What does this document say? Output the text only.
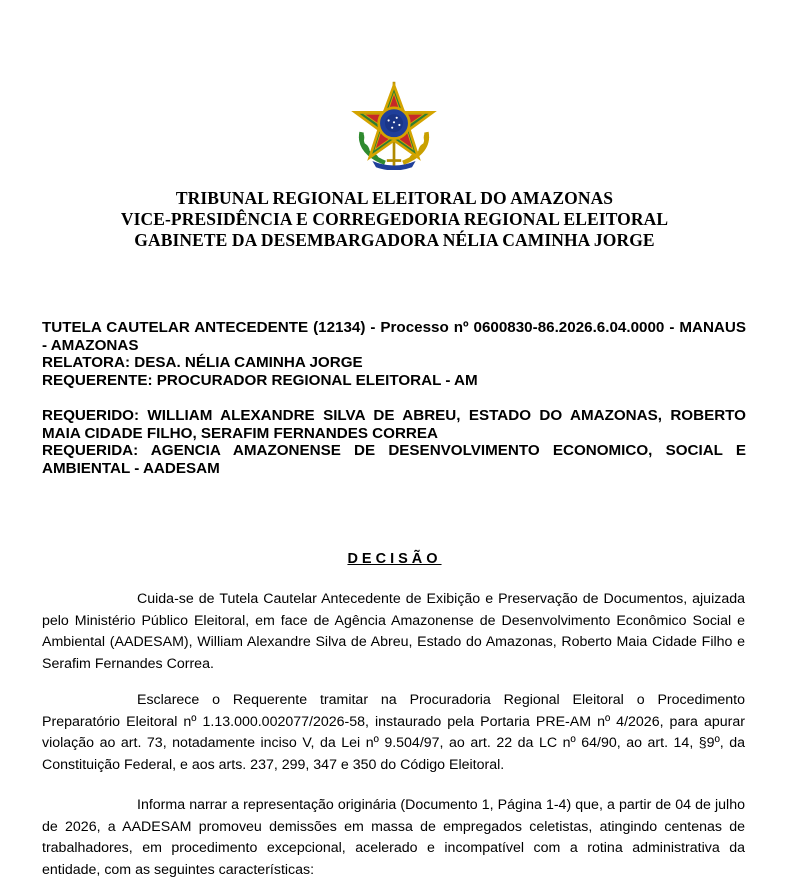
TRIBUNAL REGIONAL ELEITORAL DO AMAZONAS
VICE-PRESIDÊNCIA E CORREGEDORIA REGIONAL ELEITORAL
GABINETE DA DESEMBARGADORA NÉLIA CAMINHA JORGE

TUTELA CAUTELAR ANTECEDENTE (12134) - Processo nº 0600830-86.2026.6.04.0000 - MANAUS - AMAZONAS

RELATORA: DESA. NÉLIA CAMINHA JORGE

REQUERENTE: PROCURADOR REGIONAL ELEITORAL - AM

REQUERIDO: WILLIAM ALEXANDRE SILVA DE ABREU, ESTADO DO AMAZONAS, ROBERTO MAIA CIDADE FILHO, SERAFIM FERNANDES CORREA

REQUERIDA: AGENCIA AMAZONENSE DE DESENVOLVIMENTO ECONOMICO, SOCIAL E AMBIENTAL - AADESAM

DECISÃO

Cuida-se de Tutela Cautelar Antecedente de Exibição e Preservação de Documentos, ajuizada pelo Ministério Público Eleitoral, em face de Agência Amazonense de Desenvolvimento Econômico Social e Ambiental (AADESAM), William Alexandre Silva de Abreu, Estado do Amazonas, Roberto Maia Cidade Filho e Serafim Fernandes Correa.

Esclarece o Requerente tramitar na Procuradoria Regional Eleitoral o Procedimento Preparatório Eleitoral nº 1.13.000.002077/2026-58, instaurado pela Portaria PRE-AM nº 4/2026, para apurar violação ao art. 73, notadamente inciso V, da Lei nº 9.504/97, ao art. 22 da LC nº 64/90, ao art. 14, §9º, da Constituição Federal, e aos arts. 237, 299, 347 e 350 do Código Eleitoral.

Informa narrar a representação originária (Documento 1, Página 1-4) que, a partir de 04 de julho de 2026, a AADESAM promoveu demissões em massa de empregados celetistas, atingindo centenas de trabalhadores, em procedimento excepcional, acelerado e incompatível com a rotina administrativa da entidade, com as seguintes características:
